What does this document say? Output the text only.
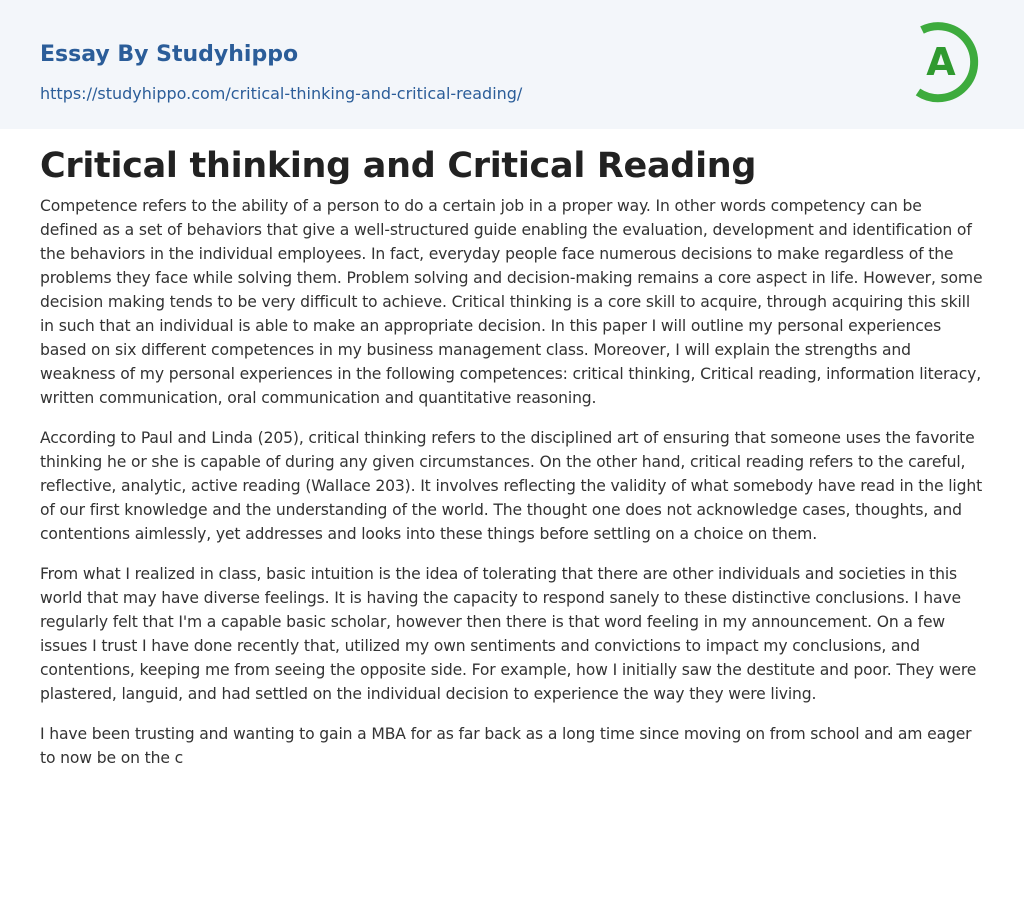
Essay By Studyhippo
https://studyhippo.com/critical-thinking-and-critical-reading/
A
Critical thinking and Critical Reading

Competence refers to the ability of a person to do a certain job in a proper way. In other words competency can be defined as a set of behaviors that give a well-structured guide enabling the evaluation, development and identification of the behaviors in the individual employees. In fact, everyday people face numerous decisions to make regardless of the problems they face while solving them. Problem solving and decision-making remains a core aspect in life. However, some decision making tends to be very difficult to achieve. Critical thinking is a core skill to acquire, through acquiring this skill in such that an individual is able to make an appropriate decision. In this paper I will outline my personal experiences based on six different competences in my business management class. Moreover, I will explain the strengths and weakness of my personal experiences in the following competences: critical thinking, Critical reading, information literacy, written communication, oral communication and quantitative reasoning.

According to Paul and Linda (205), critical thinking refers to the disciplined art of ensuring that someone uses the favorite thinking he or she is capable of during any given circumstances. On the other hand, critical reading refers to the careful, reflective, analytic, active reading (Wallace 203). It involves reflecting the validity of what somebody have read in the light of our first knowledge and the understanding of the world. The thought one does not acknowledge cases, thoughts, and contentions aimlessly, yet addresses and looks into these things before settling on a choice on them.

From what I realized in class, basic intuition is the idea of tolerating that there are other individuals and societies in this world that may have diverse feelings. It is having the capacity to respond sanely to these distinctive conclusions. I have regularly felt that I'm a capable basic scholar, however then there is that word feeling in my announcement. On a few issues I trust I have done recently that, utilized my own sentiments and convictions to impact my conclusions, and contentions, keeping me from seeing the opposite side. For example, how I initially saw the destitute and poor. They were plastered, languid, and had settled on the individual decision to experience the way they were living.

I have been trusting and wanting to gain a MBA for as far back as a long time since moving on from school and am eager to now be on the c
